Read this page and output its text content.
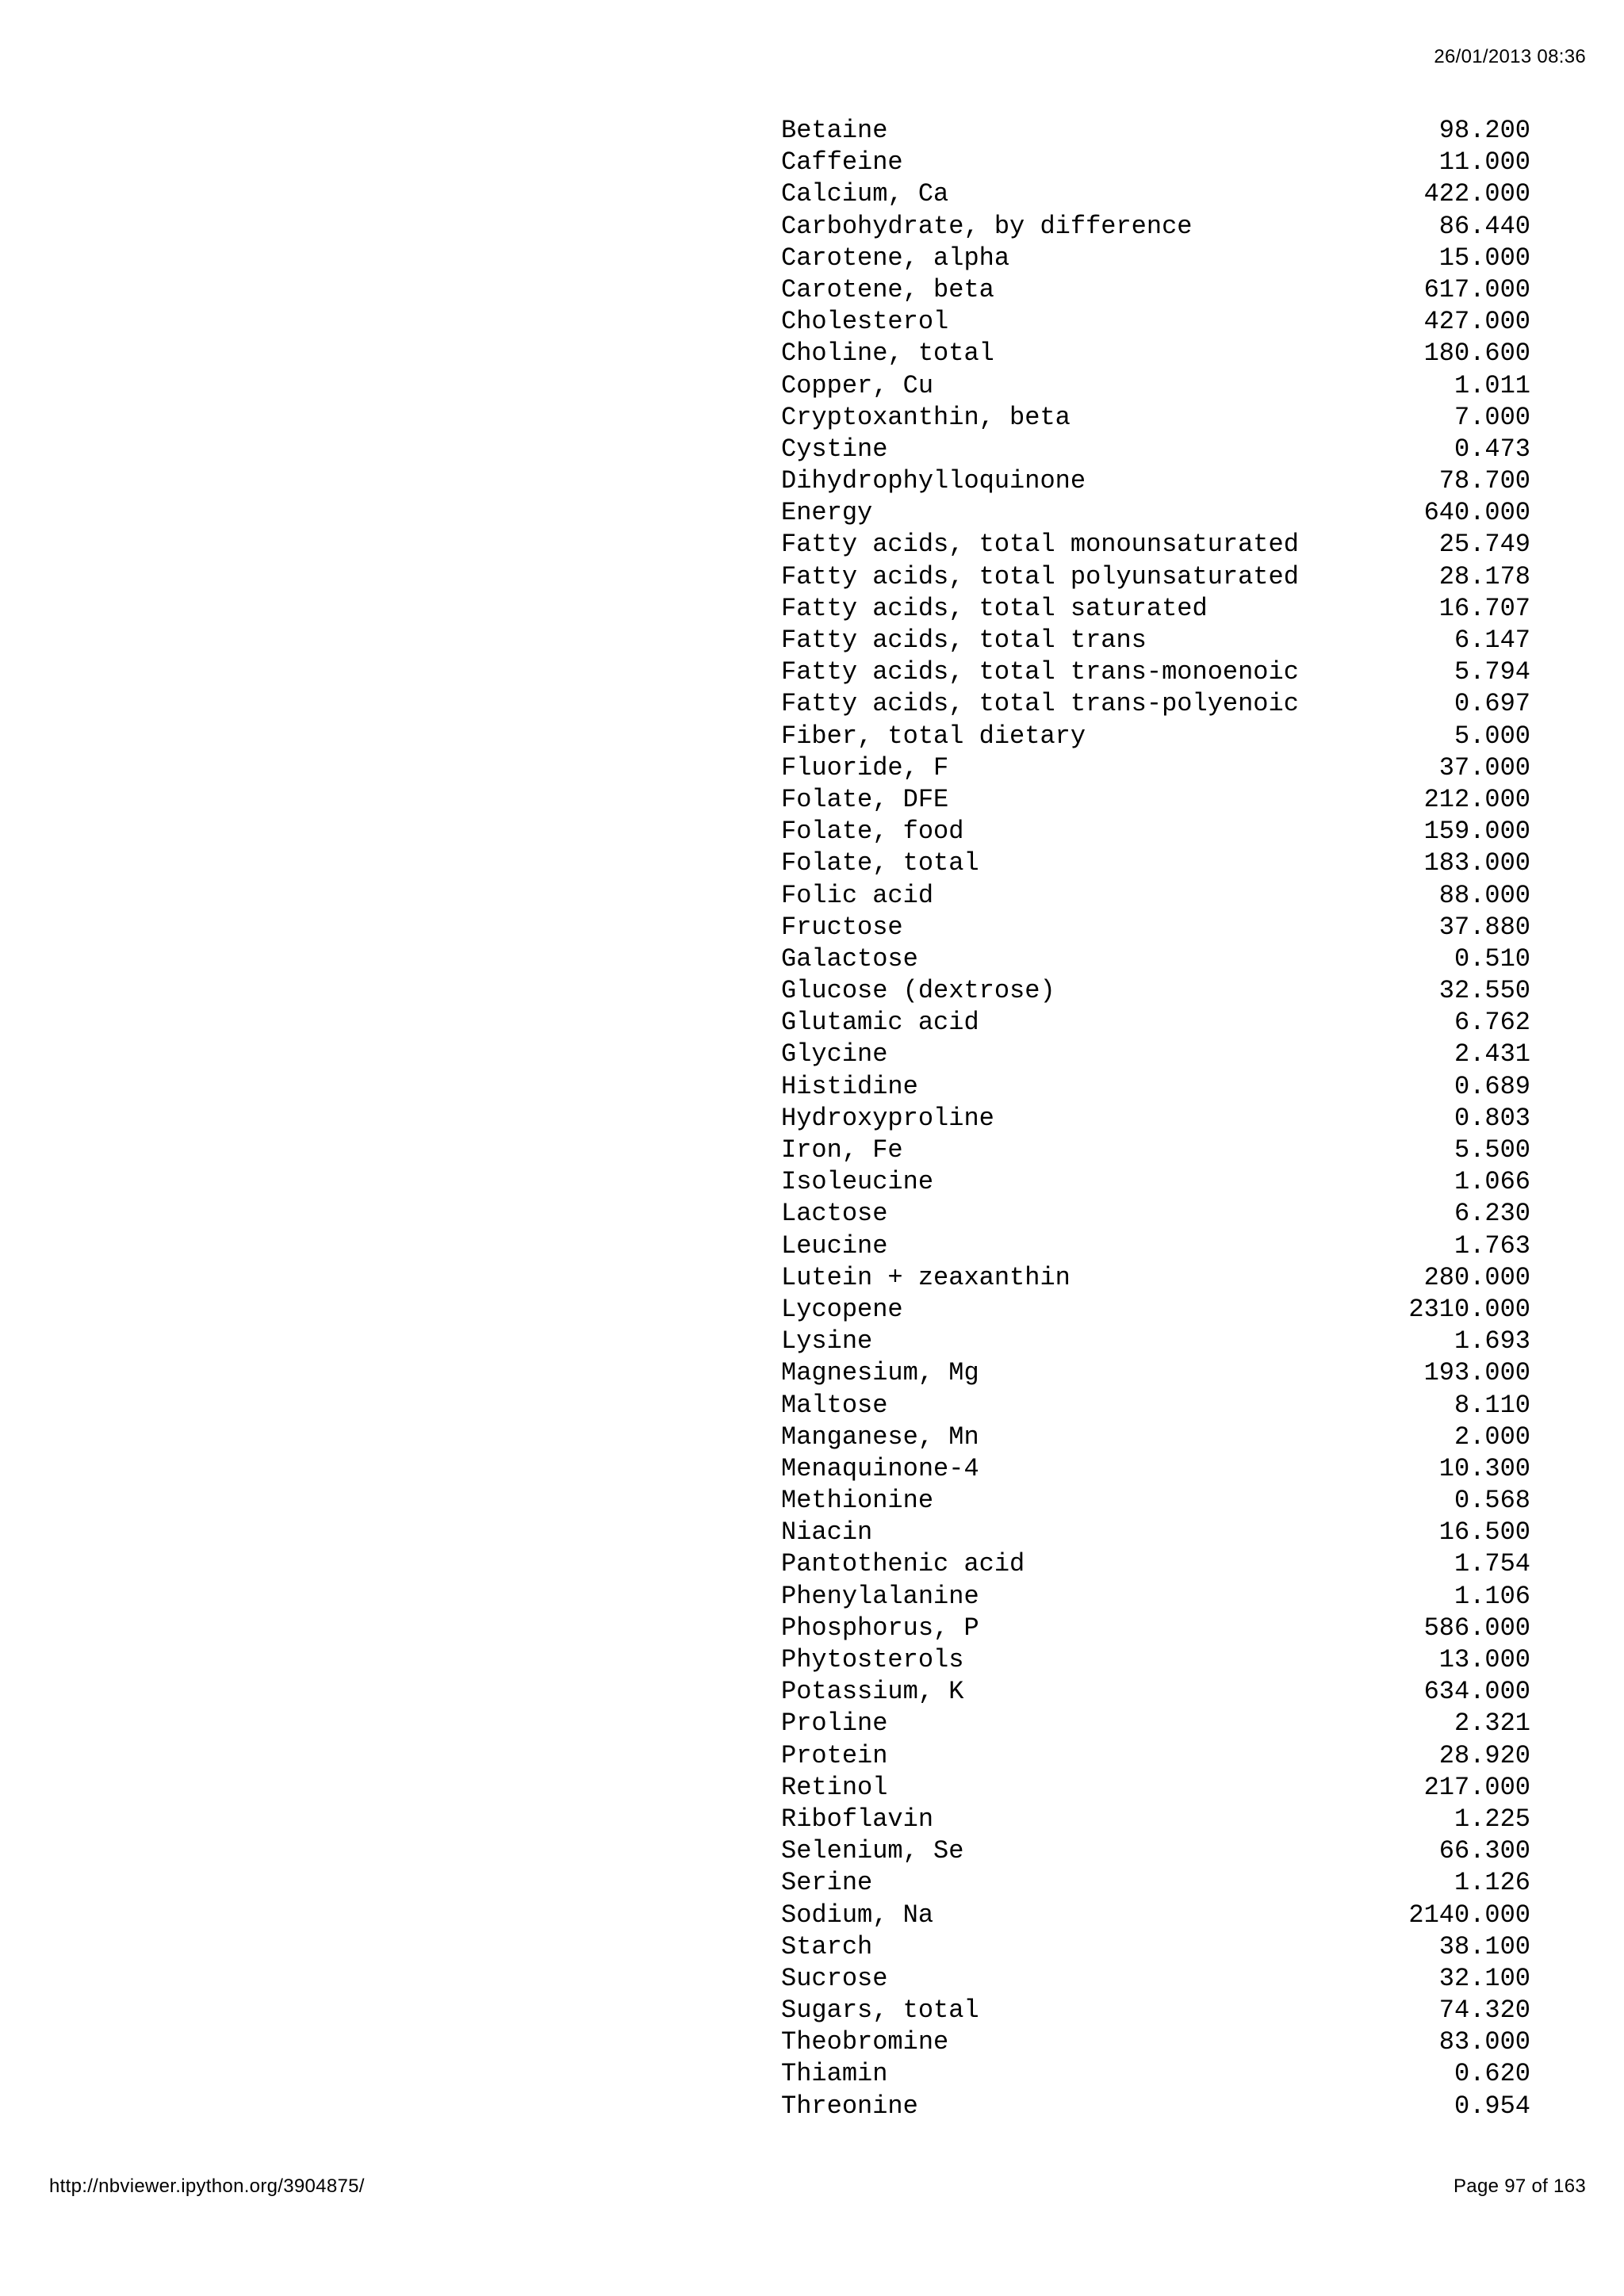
26/01/2013 08:36
Betaine	98.200
Caffeine	11.000
Calcium, Ca	422.000
Carbohydrate, by difference	86.440
Carotene, alpha	15.000
Carotene, beta	617.000
Cholesterol	427.000
Choline, total	180.600
Copper, Cu	1.011
Cryptoxanthin, beta	7.000
Cystine	0.473
Dihydrophylloquinone	78.700
Energy	640.000
Fatty acids, total monounsaturated	25.749
Fatty acids, total polyunsaturated	28.178
Fatty acids, total saturated	16.707
Fatty acids, total trans	6.147
Fatty acids, total trans-monoenoic	5.794
Fatty acids, total trans-polyenoic	0.697
Fiber, total dietary	5.000
Fluoride, F	37.000
Folate, DFE	212.000
Folate, food	159.000
Folate, total	183.000
Folic acid	88.000
Fructose	37.880
Galactose	0.510
Glucose (dextrose)	32.550
Glutamic acid	6.762
Glycine	2.431
Histidine	0.689
Hydroxyproline	0.803
Iron, Fe	5.500
Isoleucine	1.066
Lactose	6.230
Leucine	1.763
Lutein + zeaxanthin	280.000
Lycopene	2310.000
Lysine	1.693
Magnesium, Mg	193.000
Maltose	8.110
Manganese, Mn	2.000
Menaquinone-4	10.300
Methionine	0.568
Niacin	16.500
Pantothenic acid	1.754
Phenylalanine	1.106
Phosphorus, P	586.000
Phytosterols	13.000
Potassium, K	634.000
Proline	2.321
Protein	28.920
Retinol	217.000
Riboflavin	1.225
Selenium, Se	66.300
Serine	1.126
Sodium, Na	2140.000
Starch	38.100
Sucrose	32.100
Sugars, total	74.320
Theobromine	83.000
Thiamin	0.620
Threonine	0.954
http://nbviewer.ipython.org/3904875/	Page 97 of 163
